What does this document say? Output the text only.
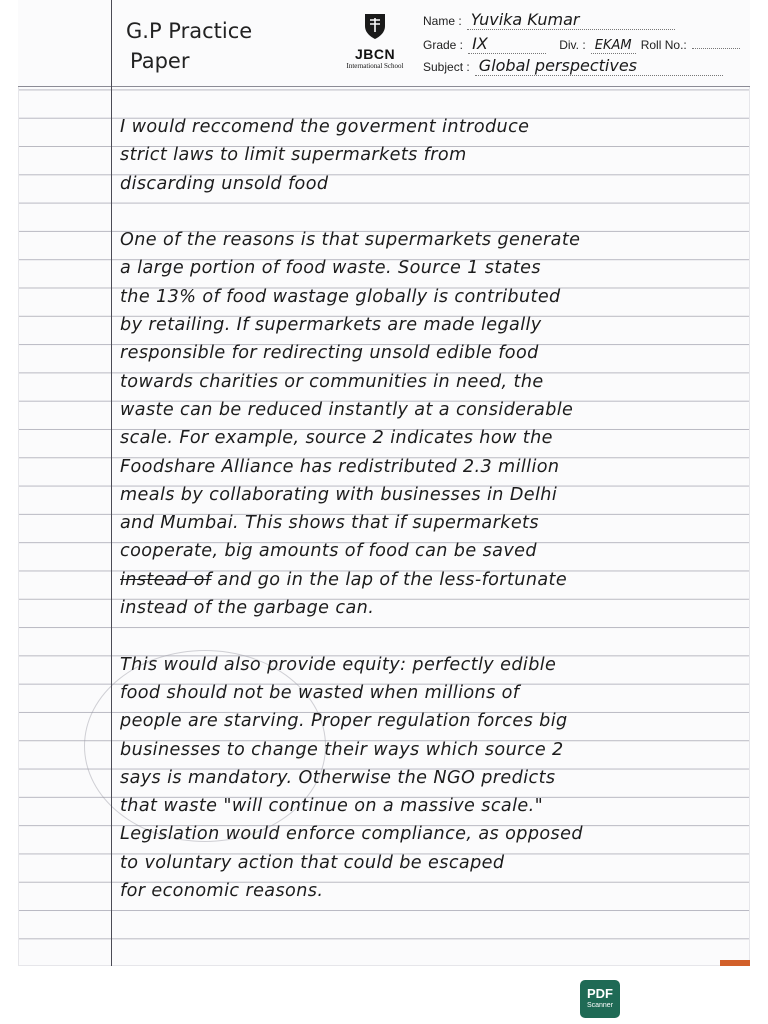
G.P Practice
Paper	JBCN
International School
Name : Yuvika Kumar
Grade : IX	Div. : EKAM Roll No.:
Subject : Global perspectives

I would reccomend the goverment introduce

strict laws to limit supermarkets from

discarding unsold food

One of the reasons is that supermarkets generate

a large portion of food waste. Source 1 states

the 13% of food wastage globally is contributed

by retailing. If supermarkets are made legally

responsible for redirecting unsold edible food

towards charities or communities in need, the

waste can be reduced instantly at a considerable

scale. For example, source 2 indicates how the

Foodshare Alliance has redistributed 2.3 million

meals by collaborating with businesses in Delhi

and Mumbai. This shows that if supermarkets

cooperate, big amounts of food can be saved

instead of and go in the lap of the less-fortunate

instead of the garbage can.

This would also provide equity: perfectly edible

food should not be wasted when millions of

people are starving. Proper regulation forces big

businesses to change their ways which source 2

says is mandatory. Otherwise the NGO predicts

that waste "will continue on a massive scale."

Legislation would enforce compliance, as opposed

to voluntary action that could be escaped

for economic reasons.

PDF
Scanner
